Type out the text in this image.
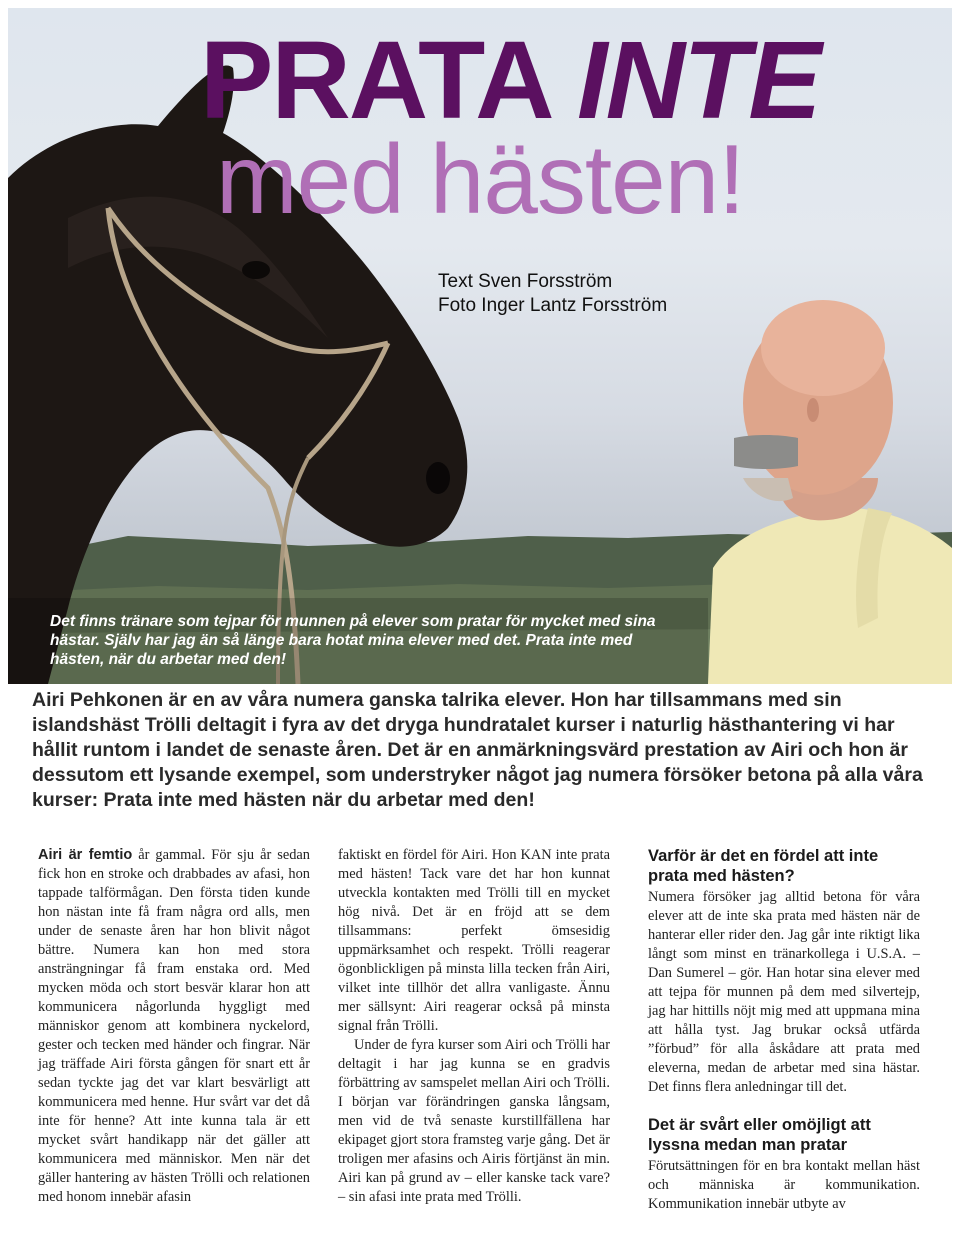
PRATA INTE
med hästen!
Text Sven Forsström
Foto Inger Lantz Forsström

Det finns tränare som tejpar för munnen på elever som pratar för mycket med sina hästar. Själv har jag än så länge bara hotat mina elever med det. Prata inte med hästen, när du arbetar med den!

Airi Pehkonen är en av våra numera ganska talrika elever. Hon har tillsammans med sin islandshäst Trölli deltagit i fyra av det dryga hundratalet kurser i naturlig hästhantering vi har hållit runtom i landet de senaste åren. Det är en anmärkningsvärd prestation av Airi och hon är dessutom ett lysande exempel, som understryker något jag numera försöker betona på alla våra kurser: Prata inte med hästen när du arbetar med den!

Airi är femtio år gammal. För sju år sedan fick hon en stroke och drabbades av afasi, hon tappade talförmågan. Den första tiden kunde hon nästan inte få fram några ord alls, men under de senaste åren har hon blivit något bättre. Numera kan hon med stora ansträngningar få fram enstaka ord. Med mycken möda och stort besvär klarar hon att kommunicera någorlunda hyggligt med människor genom att kombinera nyckelord, gester och tecken med händer och fingrar. När jag träffade Airi första gången för snart ett år sedan tyckte jag det var klart besvärligt att kommunicera med henne. Hur svårt var det då inte för henne? Att inte kunna tala är ett mycket svårt handikapp när det gäller att kommunicera med människor. Men när det gäller hantering av hästen Trölli och relationen med honom innebär afasin

faktiskt en fördel för Airi. Hon KAN inte prata med hästen! Tack vare det har hon kunnat utveckla kontakten med Trölli till en mycket hög nivå. Det är en fröjd att se dem tillsammans: perfekt ömsesidig uppmärksamhet och respekt. Trölli reagerar ögonblickligen på minsta lilla tecken från Airi, vilket inte tillhör det allra vanligaste. Ännu mer sällsynt: Airi reagerar också på minsta signal från Trölli.

Under de fyra kurser som Airi och Trölli har deltagit i har jag kunna se en gradvis förbättring av samspelet mellan Airi och Trölli. I början var förändringen ganska långsam, men vid de två senaste kurstillfällena har ekipaget gjort stora framsteg varje gång. Det är troligen mer afasins och Airis förtjänst än min. Airi kan på grund av – eller kanske tack vare? – sin afasi inte prata med Trölli.

Varför är det en fördel att inte prata med hästen?

Numera försöker jag alltid betona för våra elever att de inte ska prata med hästen när de hanterar eller rider den. Jag går inte riktigt lika långt som minst en tränarkollega i U.S.A. – Dan Sumerel – gör. Han hotar sina elever med att tejpa för munnen på dem med silvertejp, jag har hittills nöjt mig med att uppmana mina att hålla tyst. Jag brukar också utfärda ”förbud” för alla åskådare att prata med eleverna, medan de arbetar med sina hästar. Det finns flera anledningar till det.

Det är svårt eller omöjligt att lyssna medan man pratar

Förutsättningen för en bra kontakt mellan häst och människa är kommunikation. Kommunikation innebär utbyte av
